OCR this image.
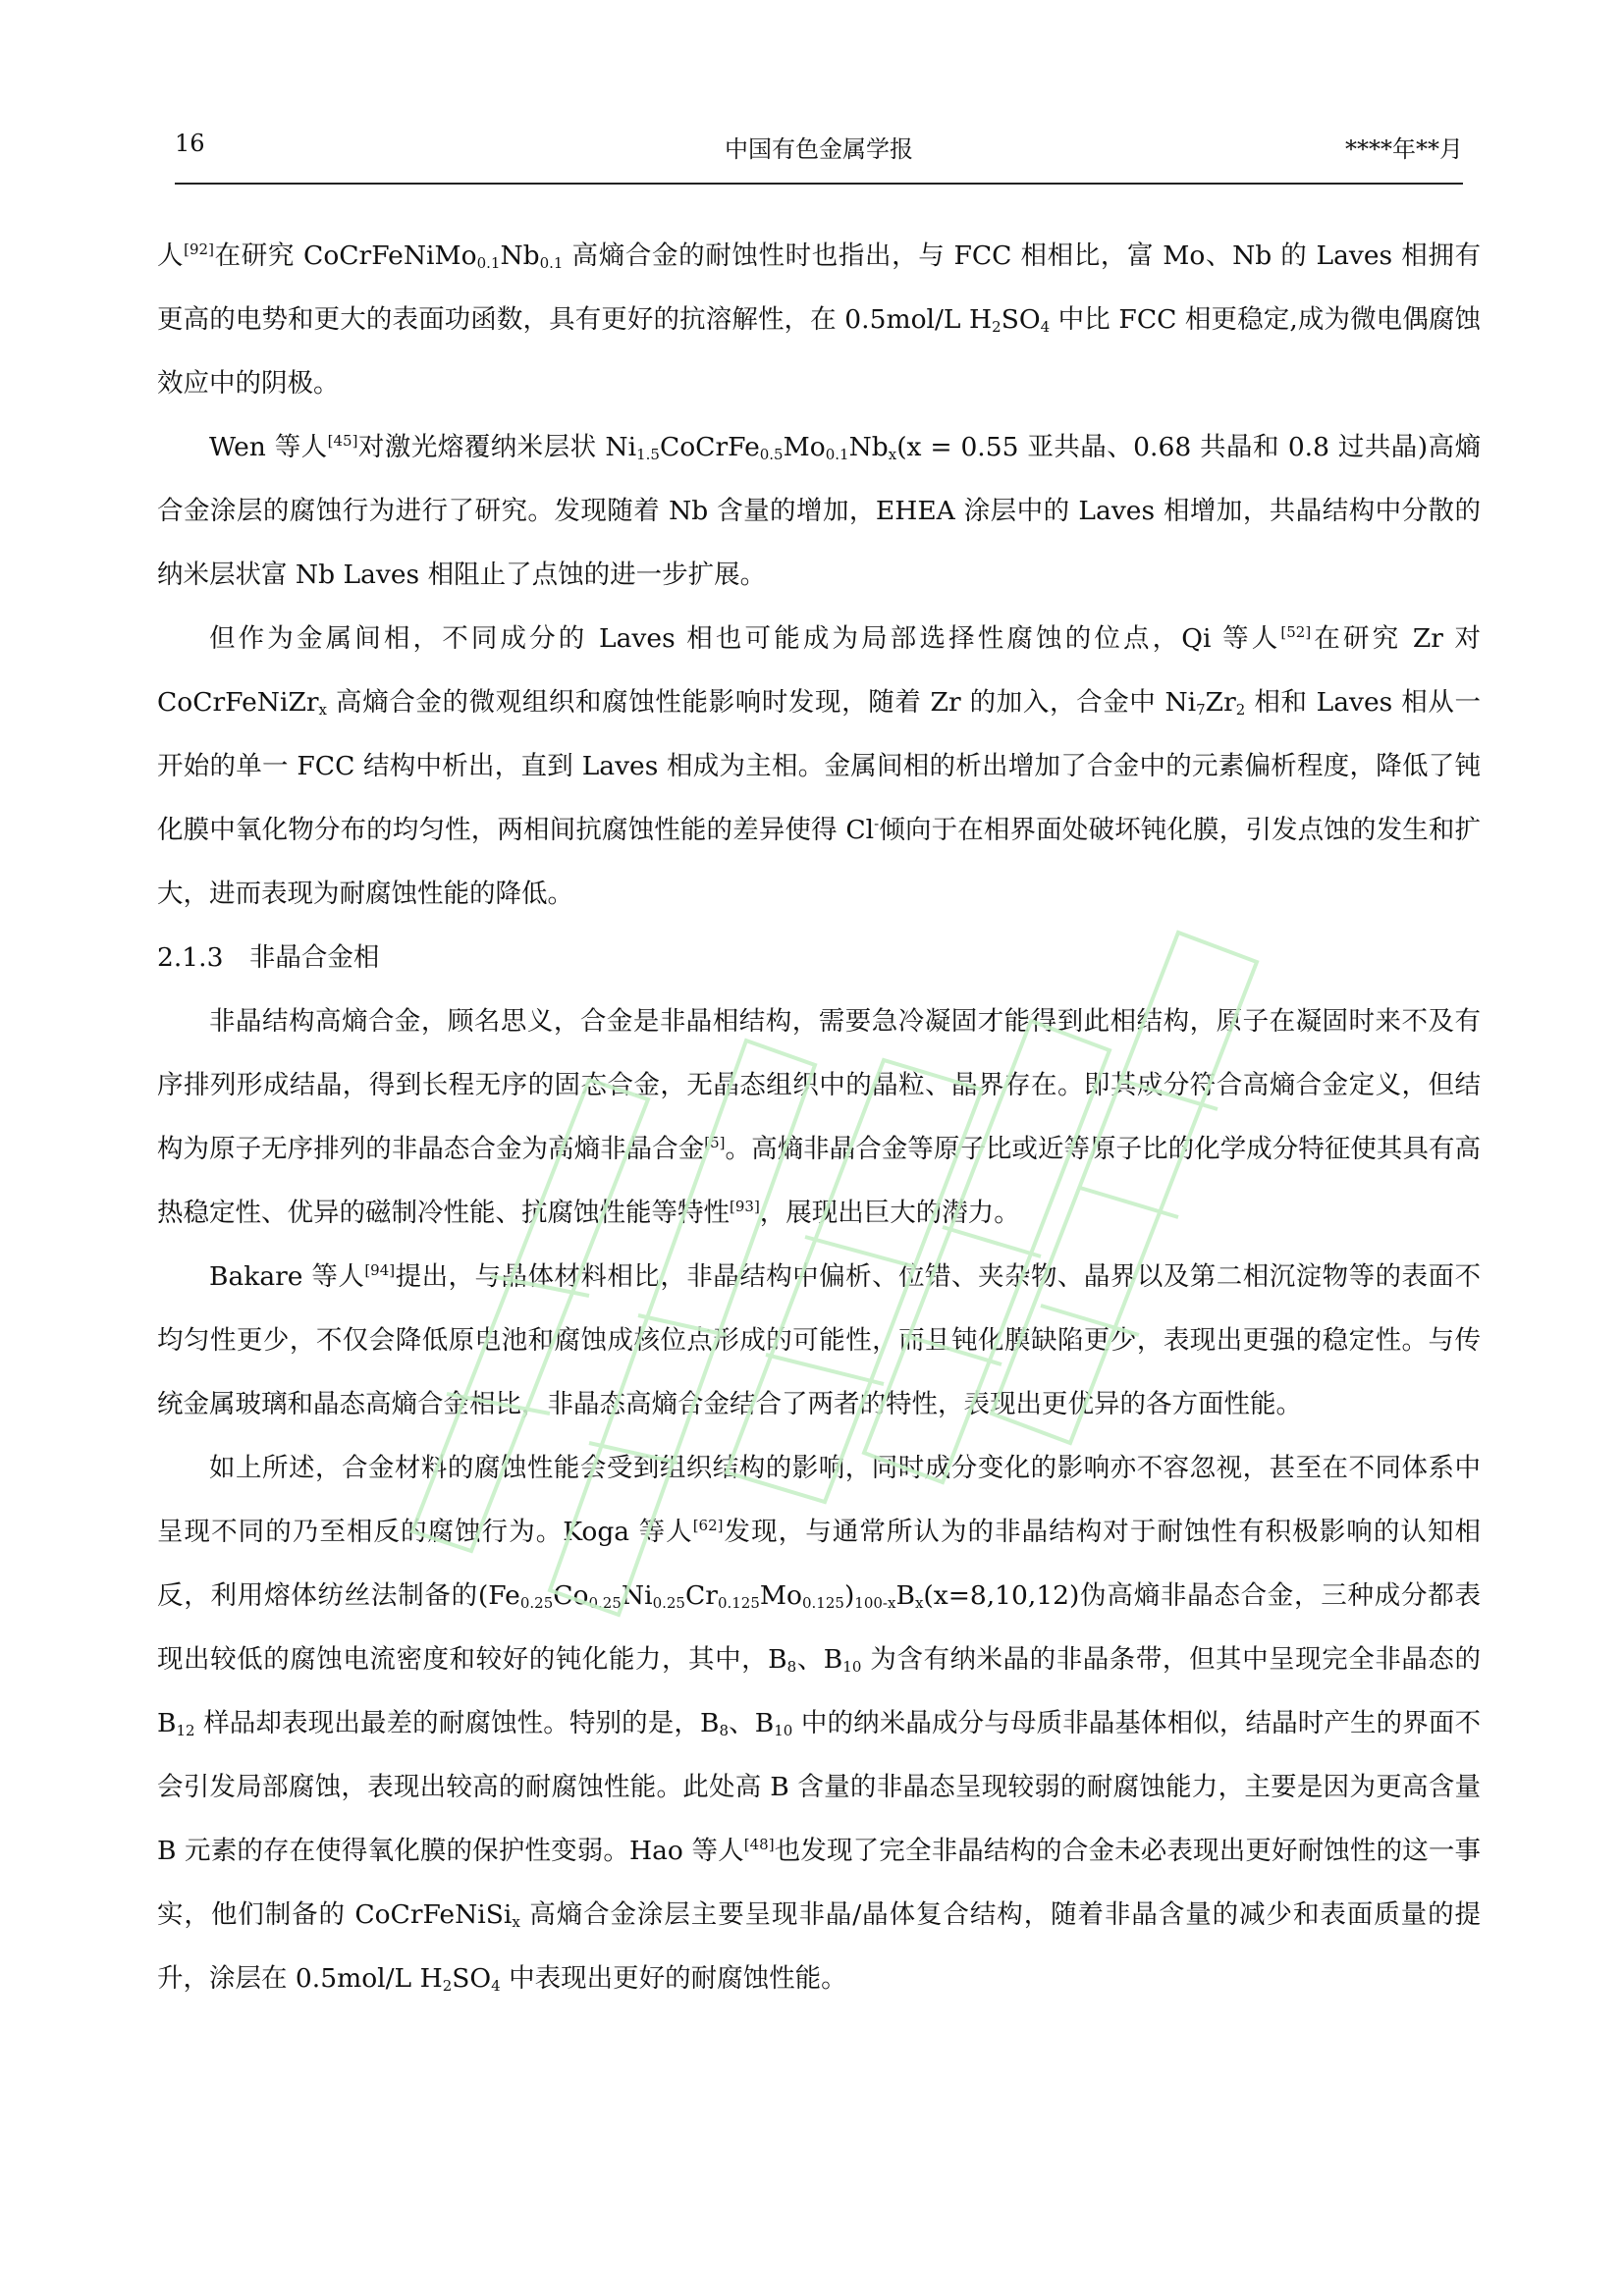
16	中国有色金属学报	****年**月

人[92]在研究 $CoCrFeNiMo_{0.1}Nb_{0.1}$ 高熵合金的耐蚀性时也指出，与 FCC 相相比，富 Mo、Nb 的 Laves 相拥有更高的电势和更大的表面功函数，具有更好的抗溶解性，在 0.5mol/L $H_2SO_4$ 中比 FCC 相更稳定,成为微电偶腐蚀效应中的阴极。

Wen 等人[45]对激光熔覆纳米层状 $Ni_{1.5}CoCrFe_{0.5}Mo_{0.1}Nb_x(x = 0.55$ 亚共晶、0.68 共晶和 0.8 过共晶)高熵合金涂层的腐蚀行为进行了研究。发现随着 Nb 含量的增加，EHEA 涂层中的 Laves 相增加，共晶结构中分散的纳米层状富 Nb Laves 相阻止了点蚀的进一步扩展。

但作为金属间相，不同成分的 Laves 相也可能成为局部选择性腐蚀的位点，Qi 等人[52]在研究 Zr 对 CoCrFeNiZr$_x$ 高熵合金的微观组织和腐蚀性能影响时发现，随着 Zr 的加入，合金中 $Ni_7Zr_2$ 相和 Laves 相从一开始的单一 FCC 结构中析出，直到 Laves 相成为主相。金属间相的析出增加了合金中的元素偏析程度，降低了钝化膜中氧化物分布的均匀性，两相间抗腐蚀性能的差异使得 Cl-倾向于在相界面处破坏钝化膜，引发点蚀的发生和扩大，进而表现为耐腐蚀性能的降低。

2.1.3　非晶合金相

非晶结构高熵合金，顾名思义，合金是非晶相结构，需要急冷凝固才能得到此相结构，原子在凝固时来不及有序排列形成结晶，得到长程无序的固态合金，无晶态组织中的晶粒、晶界存在。即其成分符合高熵合金定义，但结构为原子无序排列的非晶态合金为高熵非晶合金[5]。高熵非晶合金等原子比或近等原子比的化学成分特征使其具有高热稳定性、优异的磁制冷性能、抗腐蚀性能等特性[93]，展现出巨大的潜力。

Bakare 等人[94]提出，与晶体材料相比，非晶结构中偏析、位错、夹杂物、晶界以及第二相沉淀物等的表面不均匀性更少，不仅会降低原电池和腐蚀成核位点形成的可能性，而且钝化膜缺陷更少，表现出更强的稳定性。与传统金属玻璃和晶态高熵合金相比，非晶态高熵合金结合了两者的特性，表现出更优异的各方面性能。

如上所述，合金材料的腐蚀性能会受到组织结构的影响，同时成分变化的影响亦不容忽视，甚至在不同体系中呈现不同的乃至相反的腐蚀行为。Koga 等人[62]发现，与通常所认为的非晶结构对于耐蚀性有积极影响的认知相反，利用熔体纺丝法制备的$(Fe_{0.25}Co_{0.25}Ni_{0.25}Cr_{0.125}Mo_{0.125})_{100-x}B_x(x=8,10,12)$伪高熵非晶态合金，三种成分都表现出较低的腐蚀电流密度和较好的钝化能力，其中，$B_8$、$B_{10}$ 为含有纳米晶的非晶条带，但其中呈现完全非晶态的 $B_{12}$ 样品却表现出最差的耐腐蚀性。特别的是，$B_8$、$B_{10}$ 中的纳米晶成分与母质非晶基体相似，结晶时产生的界面不会引发局部腐蚀，表现出较高的耐腐蚀性能。此处高 B 含量的非晶态呈现较弱的耐腐蚀能力，主要是因为更高含量 B 元素的存在使得氧化膜的保护性变弱。Hao 等人[48]也发现了完全非晶结构的合金未必表现出更好耐蚀性的这一事实，他们制备的 CoCrFeNiSi$_x$ 高熵合金涂层主要呈现非晶/晶体复合结构，随着非晶含量的减少和表面质量的提升，涂层在 0.5mol/L $H_2SO_4$ 中表现出更好的耐腐蚀性能。
